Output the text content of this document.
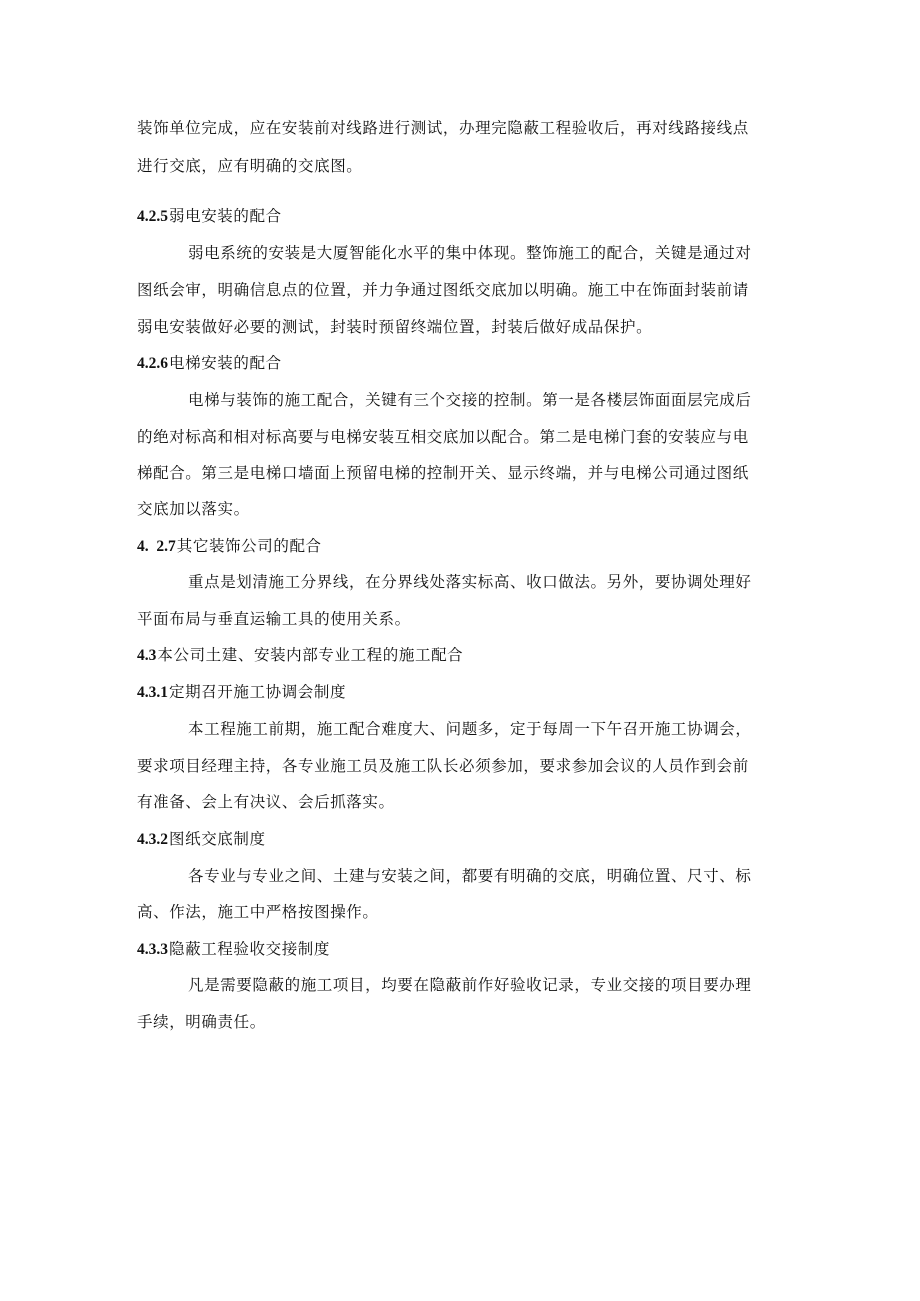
装饰单位完成，应在安装前对线路进行测试，办理完隐蔽工程验收后，再对线路接线点
进行交底，应有明确的交底图。
4.2.5弱电安装的配合
弱电系统的安装是大厦智能化水平的集中体现。整饰施工的配合，关键是通过对
图纸会审，明确信息点的位置，并力争通过图纸交底加以明确。施工中在饰面封装前请
弱电安装做好必要的测试，封装时预留终端位置，封装后做好成品保护。
4.2.6电梯安装的配合
电梯与装饰的施工配合，关键有三个交接的控制。第一是各楼层饰面面层完成后
的绝对标高和相对标高要与电梯安装互相交底加以配合。第二是电梯门套的安装应与电
梯配合。第三是电梯口墙面上预留电梯的控制开关、显示终端，并与电梯公司通过图纸
交底加以落实。
4.  2.7其它装饰公司的配合
重点是划清施工分界线，在分界线处落实标高、收口做法。另外，要协调处理好
平面布局与垂直运输工具的使用关系。
4.3本公司土建、安装内部专业工程的施工配合
4.3.1定期召开施工协调会制度
本工程施工前期，施工配合难度大、问题多，定于每周一下午召开施工协调会，
要求项目经理主持，各专业施工员及施工队长必须参加，要求参加会议的人员作到会前
有准备、会上有决议、会后抓落实。
4.3.2图纸交底制度
各专业与专业之间、土建与安装之间，都要有明确的交底，明确位置、尺寸、标
高、作法，施工中严格按图操作。
4.3.3隐蔽工程验收交接制度
凡是需要隐蔽的施工项目，均要在隐蔽前作好验收记录，专业交接的项目要办理
手续，明确责任。
